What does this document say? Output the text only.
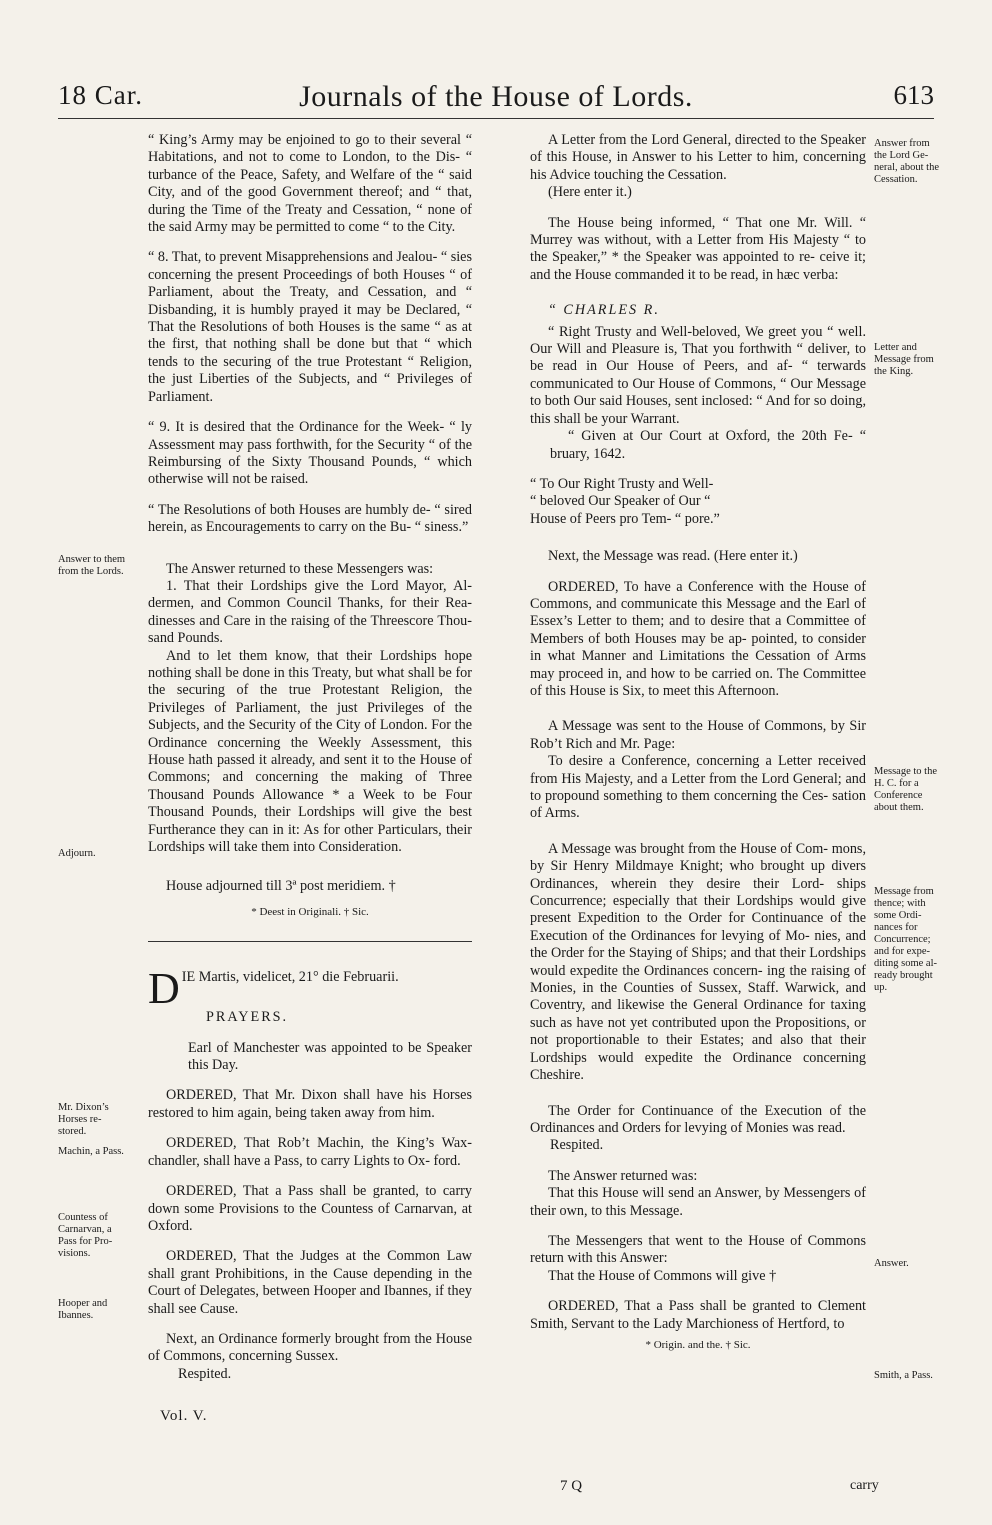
18 Car.	Journals of the House of Lords.	613

“ King’s Army may be enjoined to go to their several “ Habitations, and not to come to London, to the Dis- “ turbance of the Peace, Safety, and Welfare of the “ said City, and of the good Government thereof; and “ that, during the Time of the Treaty and Cessation, “ none of the said Army may be permitted to come “ to the City.

“ 8. That, to prevent Misapprehensions and Jealou- “ sies concerning the present Proceedings of both Houses “ of Parliament, about the Treaty, and Cessation, and “ Disbanding, it is humbly prayed it may be Declared, “ That the Resolutions of both Houses is the same “ as at the first, that nothing shall be done but that “ which tends to the securing of the true Protestant “ Religion, the just Liberties of the Subjects, and “ Privileges of Parliament.

“ 9. It is desired that the Ordinance for the Week- “ ly Assessment may pass forthwith, for the Security “ of the Reimbursing of the Sixty Thousand Pounds, “ which otherwise will not be raised.

“ The Resolutions of both Houses are humbly de- “ sired herein, as Encouragements to carry on the Bu- “ siness.”

The Answer returned to these Messengers was:

1. That their Lordships give the Lord Mayor, Al- dermen, and Common Council Thanks, for their Rea- dinesses and Care in the raising of the Threescore Thou- sand Pounds.

And to let them know, that their Lordships hope nothing shall be done in this Treaty, but what shall be for the securing of the true Protestant Religion, the Privileges of Parliament, the just Privileges of the Subjects, and the Security of the City of London. For the Ordinance concerning the Weekly Assessment, this House hath passed it already, and sent it to the House of Commons; and concerning the making of Three Thousand Pounds Allowance * a Week to be Four Thousand Pounds, their Lordships will give the best Furtherance they can in it: As for other Particulars, their Lordships will take them into Consideration.

House adjourned till 3ª post meridiem. †

* Deest in Originali. † Sic.

D IE Martis, videlicet, 21° die Februarii.

PRAYERS.

Earl of Manchester was appointed to be Speaker this Day.

ORDERED, That Mr. Dixon shall have his Horses restored to him again, being taken away from him.

ORDERED, That Rob’t Machin, the King’s Wax- chandler, shall have a Pass, to carry Lights to Ox- ford.

ORDERED, That a Pass shall be granted, to carry down some Provisions to the Countess of Carnarvan, at Oxford.

ORDERED, That the Judges at the Common Law shall grant Prohibitions, in the Cause depending in the Court of Delegates, between Hooper and Ibannes, if they shall see Cause.

Next, an Ordinance formerly brought from the House of Commons, concerning Sussex.

Respited.

Answer to them from the Lords.
Adjourn.
Mr. Dixon’s Horses re- stored.
Machin, a Pass.
Countess of Carnarvan, a Pass for Pro- visions.
Hooper and Ibannes.

A Letter from the Lord General, directed to the Speaker of this House, in Answer to his Letter to him, concerning his Advice touching the Cessation.

(Here enter it.)

The House being informed, “ That one Mr. Will. “ Murrey was without, with a Letter from His Majesty “ to the Speaker,” * the Speaker was appointed to re- ceive it; and the House commanded it to be read, in hæc verba:

“ CHARLES R.

“ Right Trusty and Well-beloved, We greet you “ well. Our Will and Pleasure is, That you forthwith “ deliver, to be read in Our House of Peers, and af- “ terwards communicated to Our House of Commons, “ Our Message to both Our said Houses, sent inclosed: “ And for so doing, this shall be your Warrant.

“ Given at Our Court at Oxford, the 20th Fe- “ bruary, 1642.

“ To Our Right Trusty and Well- “ beloved Our Speaker of Our “ House of Peers pro Tem- “ pore.”

Next, the Message was read. (Here enter it.)

ORDERED, To have a Conference with the House of Commons, and communicate this Message and the Earl of Essex’s Letter to them; and to desire that a Committee of Members of both Houses may be ap- pointed, to consider in what Manner and Limitations the Cessation of Arms may proceed in, and how to be carried on. The Committee of this House is Six, to meet this Afternoon.

A Message was sent to the House of Commons, by Sir Rob’t Rich and Mr. Page:

To desire a Conference, concerning a Letter received from His Majesty, and a Letter from the Lord General; and to propound something to them concerning the Ces- sation of Arms.

A Message was brought from the House of Com- mons, by Sir Henry Mildmaye Knight; who brought up divers Ordinances, wherein they desire their Lord- ships Concurrence; especially that their Lordships would give present Expedition to the Order for Continuance of the Execution of the Ordinances for levying of Mo- nies, and the Order for the Staying of Ships; and that their Lordships would expedite the Ordinances concern- ing the raising of Monies, in the Counties of Sussex, Staff. Warwick, and Coventry, and likewise the General Ordinance for taxing such as have not yet contributed upon the Propositions, or not proportionable to their Estates; and also that their Lordships would expedite the Ordinance concerning Cheshire.

The Order for Continuance of the Execution of the Ordinances and Orders for levying of Monies was read.

Respited.

The Answer returned was:

That this House will send an Answer, by Messengers of their own, to this Message.

The Messengers that went to the House of Commons return with this Answer:

That the House of Commons will give †

ORDERED, That a Pass shall be granted to Clement Smith, Servant to the Lady Marchioness of Hertford, to

* Origin. and the. † Sic.

Answer from the Lord Ge- neral, about the Cessation.
Letter and Message from the King.
Message to the H. C. for a Conference about them.
Message from thence; with some Ordi- nances for Concurrence; and for expe- diting some al- ready brought up.
Answer.
Smith, a Pass.
Vol. V.
7 Q	carry
